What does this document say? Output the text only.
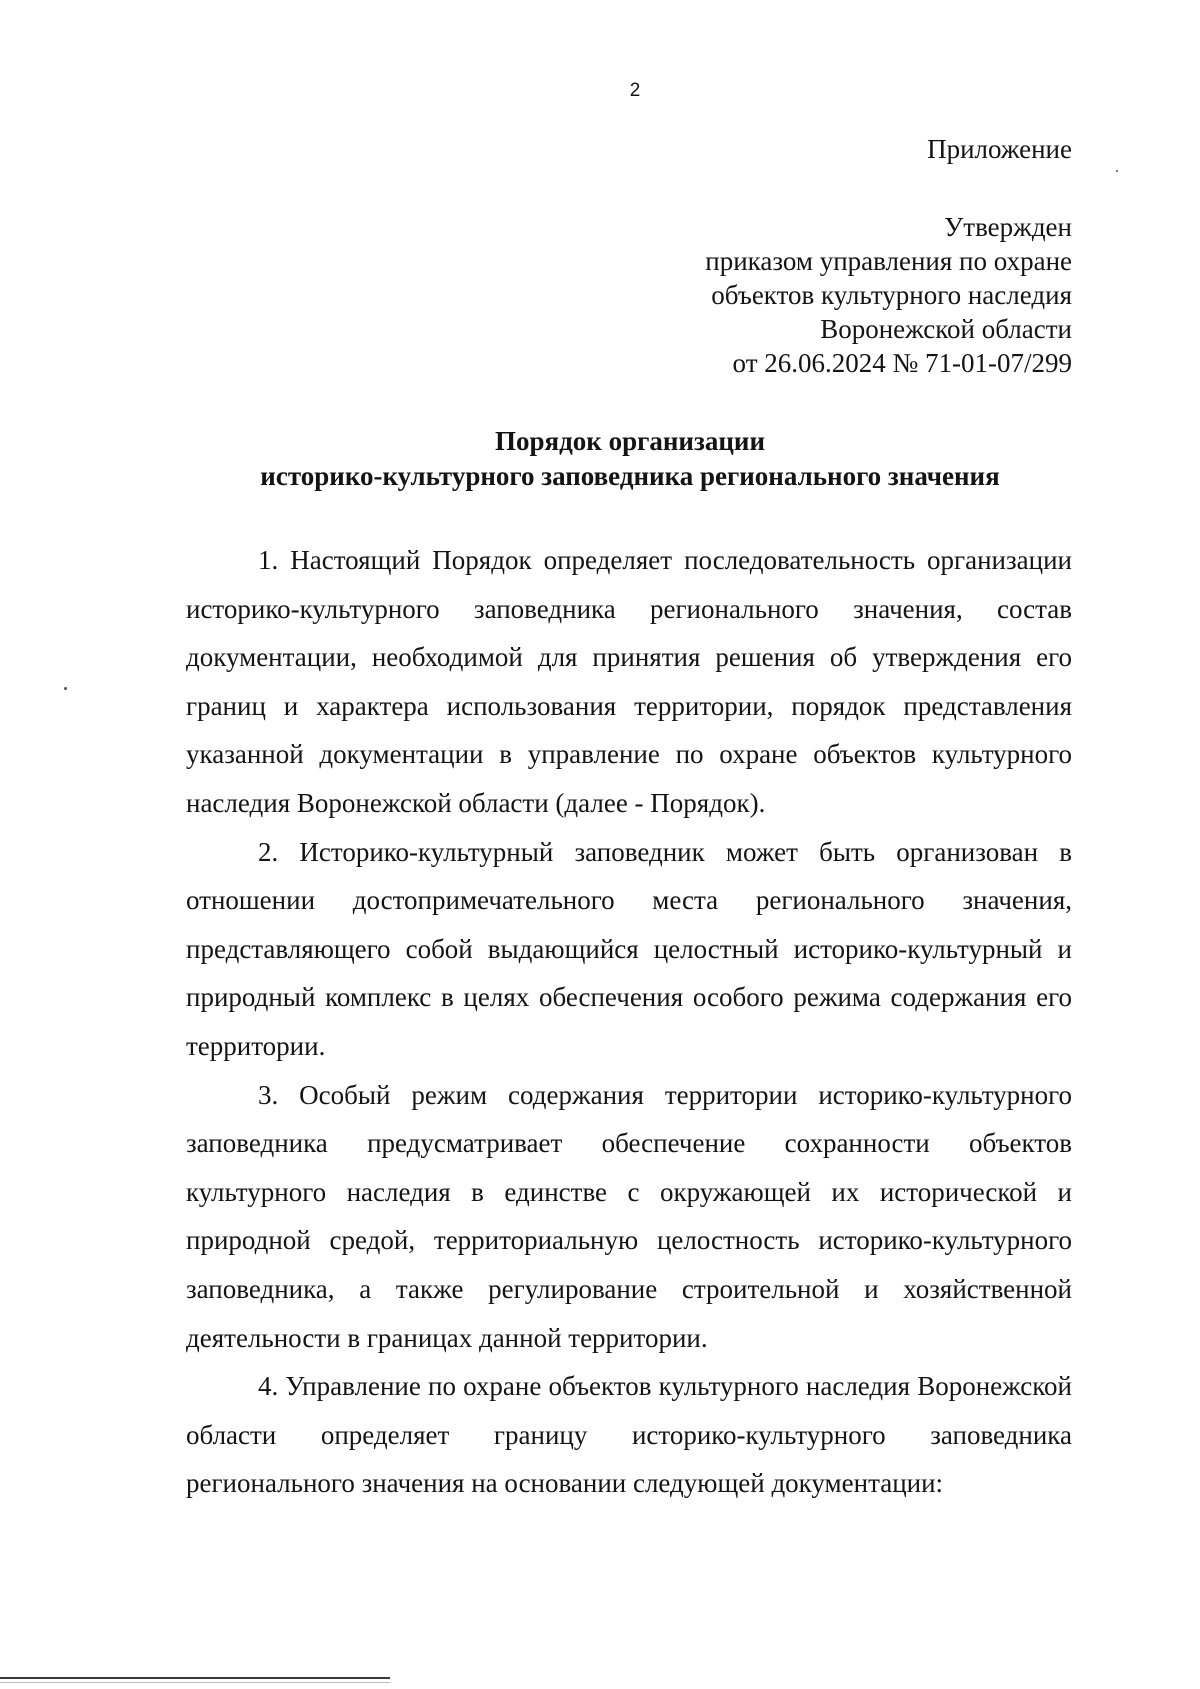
2
Приложение
Утвержден
приказом управления по охране
объектов культурного наследия
Воронежской области
от 26.06.2024 № 71-01-07/299
Порядок организации
историко-культурного заповедника регионального значения

1. Настоящий Порядок определяет последовательность организации историко-культурного заповедника регионального значения, состав документации, необходимой для принятия решения об утверждения его границ и характера использования территории, порядок представления указанной документации в управление по охране объектов культурного наследия Воронежской области (далее - Порядок).

2. Историко-культурный заповедник может быть организован в отношении достопримечательного места регионального значения, представляющего собой выдающийся целостный историко-культурный и природный комплекс в целях обеспечения особого режима содержания его территории.

3. Особый режим содержания территории историко-культурного заповедника предусматривает обеспечение сохранности объектов культурного наследия в единстве с окружающей их исторической и природной средой, территориальную целостность историко-культурного заповедника, а также регулирование строительной и хозяйственной деятельности в границах данной территории.

4. Управление по охране объектов культурного наследия Воронежской области определяет границу историко-культурного заповедника регионального значения на основании следующей документации:
